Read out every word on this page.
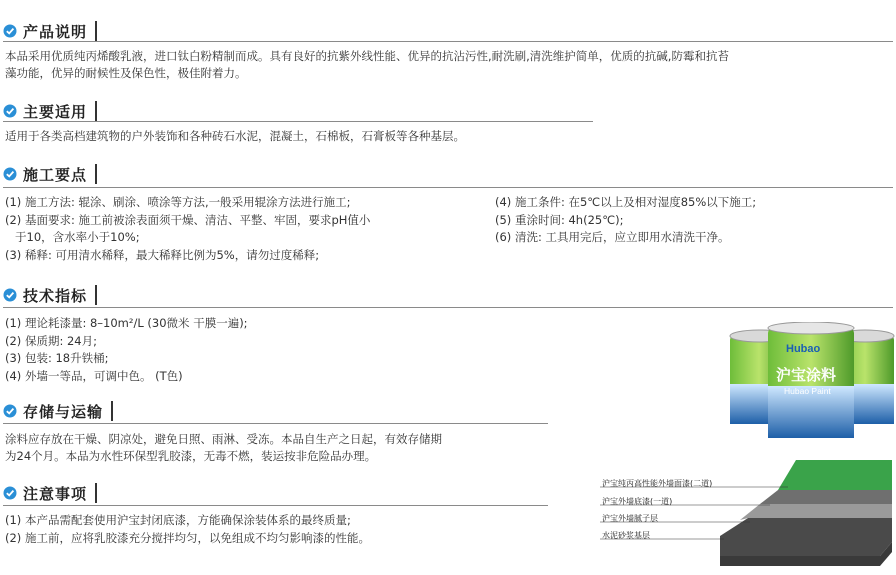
产品说明
本品采用优质纯丙烯酸乳液，进口钛白粉精制而成。具有良好的抗紫外线性能、优异的抗沾污性,耐洗刷,清洗维护简单，优质的抗碱,防霉和抗苔
藻功能，优异的耐候性及保色性，极佳附着力。
主要适用
适用于各类高档建筑物的户外装饰和各种砖石水泥，混凝土，石棉板，石膏板等各种基层。
施工要点
(1) 施工方法: 辊涂、刷涂、喷涂等方法,一般采用辊涂方法进行施工;
(2) 基面要求: 施工前被涂表面须干燥、清洁、平整、牢固，要求pH值小
于10，含水率小于10%;
(3) 稀释: 可用清水稀释，最大稀释比例为5%，请勿过度稀释;
(4) 施工条件: 在5℃以上及相对湿度85%以下施工;
(5) 重涂时间: 4h(25℃);
(6) 清洗: 工具用完后，应立即用水清洗干净。
技术指标
(1) 理论耗漆量: 8–10m²/L (30微米 干膜一遍);
(2) 保质期: 24月;
(3) 包装: 18升铁桶;
(4) 外墙一等品，可调中色。 (T色)
Hubao
沪宝涂料
Hubao Paint
存储与运输
涂料应存放在干燥、阴凉处，避免日照、雨淋、受冻。本品自生产之日起，有效存储期
为24个月。本品为水性环保型乳胶漆，无毒不燃，装运按非危险品办理。
注意事项
(1) 本产品需配套使用沪宝封闭底漆，方能确保涂装体系的最终质量;
(2) 施工前，应将乳胶漆充分搅拌均匀，以免组成不均匀影响漆的性能。
沪宝纯丙高性能外墙面漆(二道)
沪宝外墙底漆(一道)
沪宝外墙腻子层
水泥砂浆基层
